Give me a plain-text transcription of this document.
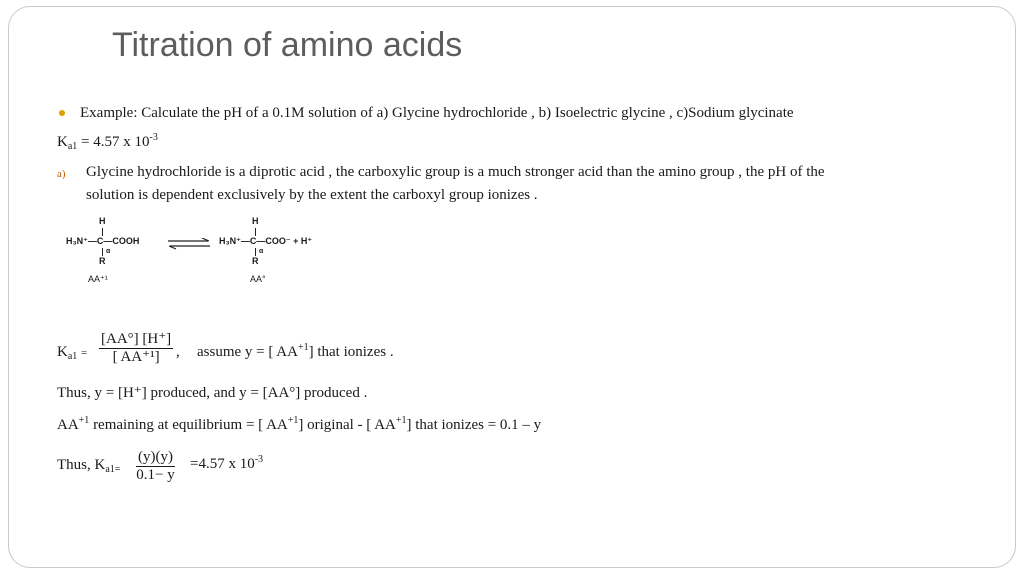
Titration of amino acids
Example: Calculate the pH of a 0.1M solution of a) Glycine hydrochloride , b) Isoelectric glycine , c)Sodium glycinate
$K_{a1} = 4.57$ x $10^{-3}$
a) Glycine hydrochloride is a diprotic acid , the carboxylic group is a much stronger acid than the amino group , the pH of the
solution is dependent exclusively by the extent the carboxyl group ionizes .
H
H₃N⁺—C—COOH
α
R
AA⁺¹
H
H₃N⁺—C—COO⁻ + H⁺
α
R
AA°
$K_{a1} = \frac{[AA^\circ] [H^+]}{\text{[ AA⁺¹]}}$ , assume y = [ $AA^{+1}$] that ionizes .
Thus, y = [H⁺] produced, and y = [AA°] produced .
$AA^{+1}$ remaining at equilibrium = [ $AA^{+1}$] original - [ $AA^{+1}$] that ionizes = 0.1 – y
Thus, $K_{a1=} \frac{(y)(y)}{0.1- y} =4.57$ x $10^{-3}$
